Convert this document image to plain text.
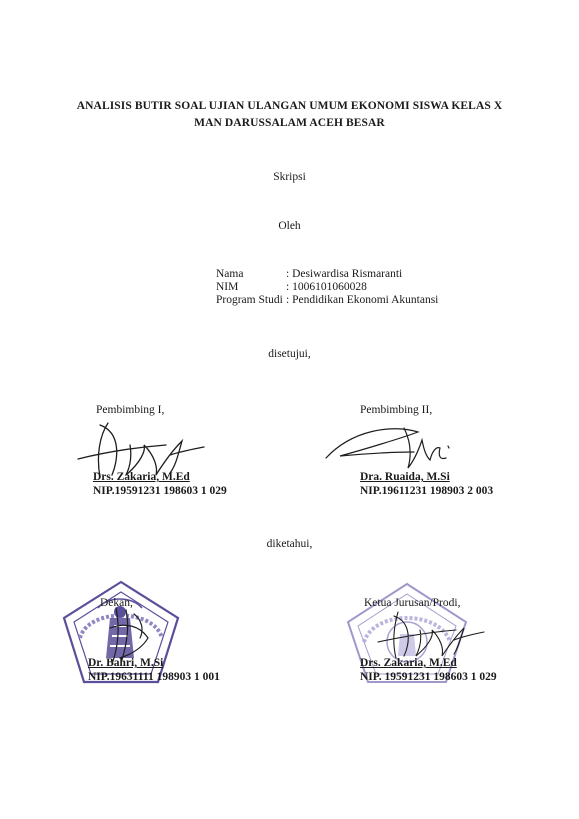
ANALISIS BUTIR SOAL UJIAN ULANGAN UMUM EKONOMI SISWA KELAS X
MAN DARUSSALAM ACEH BESAR
Skripsi
Oleh
Nama	: Desiwardisa Rismaranti
NIM	: 1006101060028
Program Studi : Pendidikan Ekonomi Akuntansi
disetujui,
Pembimbing I,	Pembimbing II,
Drs. Zakaria, M.Ed
NIP.19591231 198603 1 029
Dra. Ruaida, M.Si
NIP.19611231 198903 2 003
diketahui,
Dekan,	Ketua Jurusan/Prodi,
Dr. Bahri, M.Si
NIP.19631111 198903 1 001
Drs. Zakaria, M.Ed
NIP. 19591231 198603 1 029
